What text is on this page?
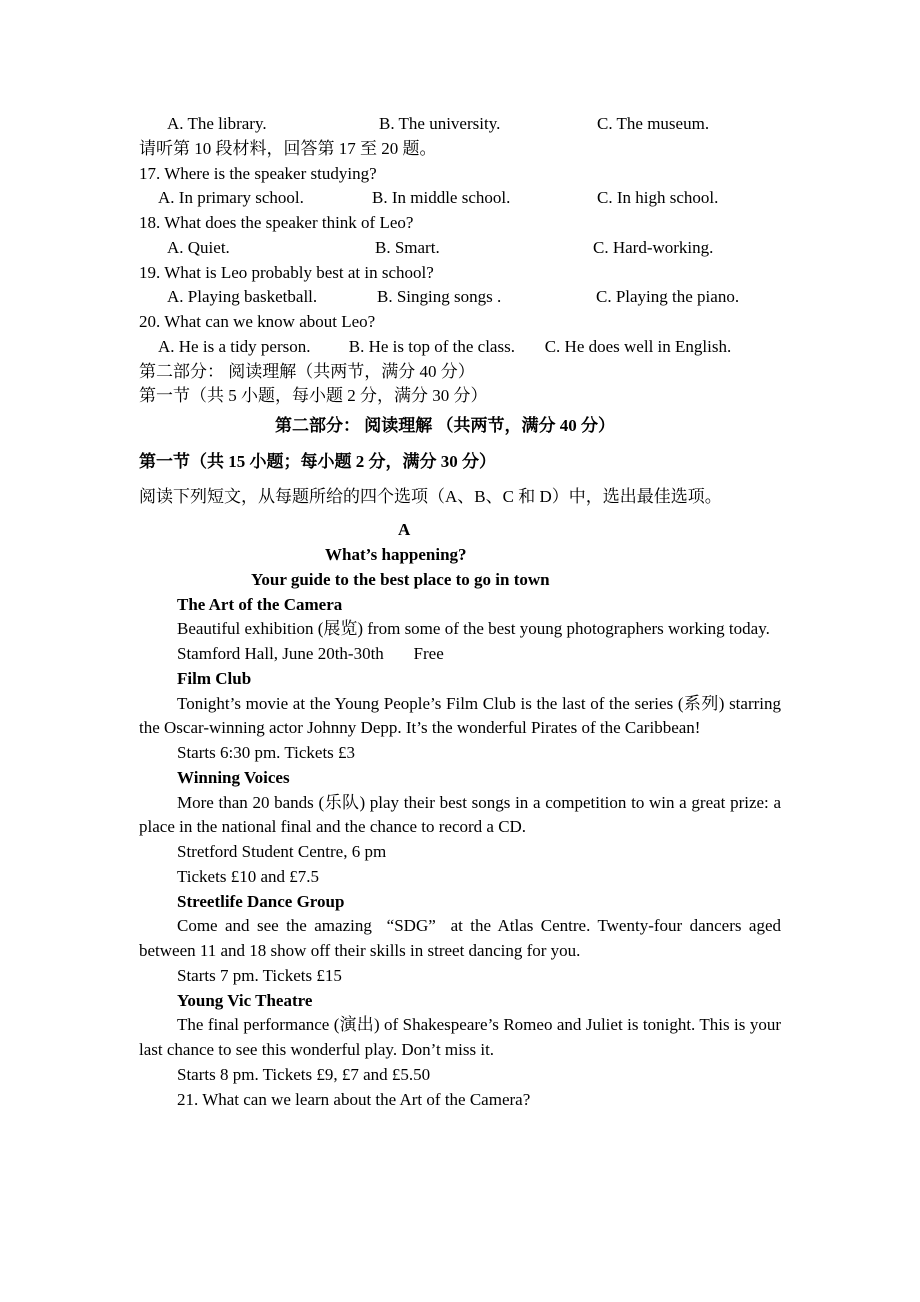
A. The library.	B. The university.	C. The museum.
请听第 10 段材料，回答第 17 至 20 题。
17. Where is the speaker studying?
A. In primary school.	B. In middle school.	C. In high school.
18. What does the speaker think of Leo?
A. Quiet.	B. Smart.	C. Hard-working.
19. What is Leo probably best at in school?
A. Playing basketball.	B. Singing songs .	C. Playing the piano.
20. What can we know about Leo?
A. He is a tidy person.         B. He is top of the class.       C. He does well in English.
第二部分： 阅读理解（共两节，满分 40 分）
第一节（共 5 小题，每小题 2 分，满分 30 分）
第二部分： 阅读理解 （共两节，满分 40 分）
第一节（共 15 小题；每小题 2 分，满分 30 分）
阅读下列短文，从每题所给的四个选项（A、B、C 和 D）中，选出最佳选项。
A
What’s happening?
Your guide to the best place to go in town
The Art of the Camera
Beautiful exhibition (展览) from some of the best young photographers working today.
Stamford Hall, June 20th-30th       Free
Film Club
Tonight’s movie at the Young People’s Film Club is the last of the series (系列) starring the Oscar-winning actor Johnny Depp. It’s the wonderful Pirates of the Caribbean!
Starts 6:30 pm. Tickets £3
Winning Voices
More than 20 bands (乐队) play their best songs in a competition to win a great prize: a place in the national final and the chance to record a CD.
Stretford Student Centre, 6 pm
Tickets £10 and £7.5
Streetlife Dance Group
Come and see the amazing  “SDG”  at the Atlas Centre. Twenty-four dancers aged between 11 and 18 show off their skills in street dancing for you.
Starts 7 pm. Tickets £15
Young Vic Theatre
The final performance (演出) of Shakespeare’s Romeo and Juliet is tonight. This is your last chance to see this wonderful play. Don’t miss it.
Starts 8 pm. Tickets £9, £7 and £5.50
21. What can we learn about the Art of the Camera?
